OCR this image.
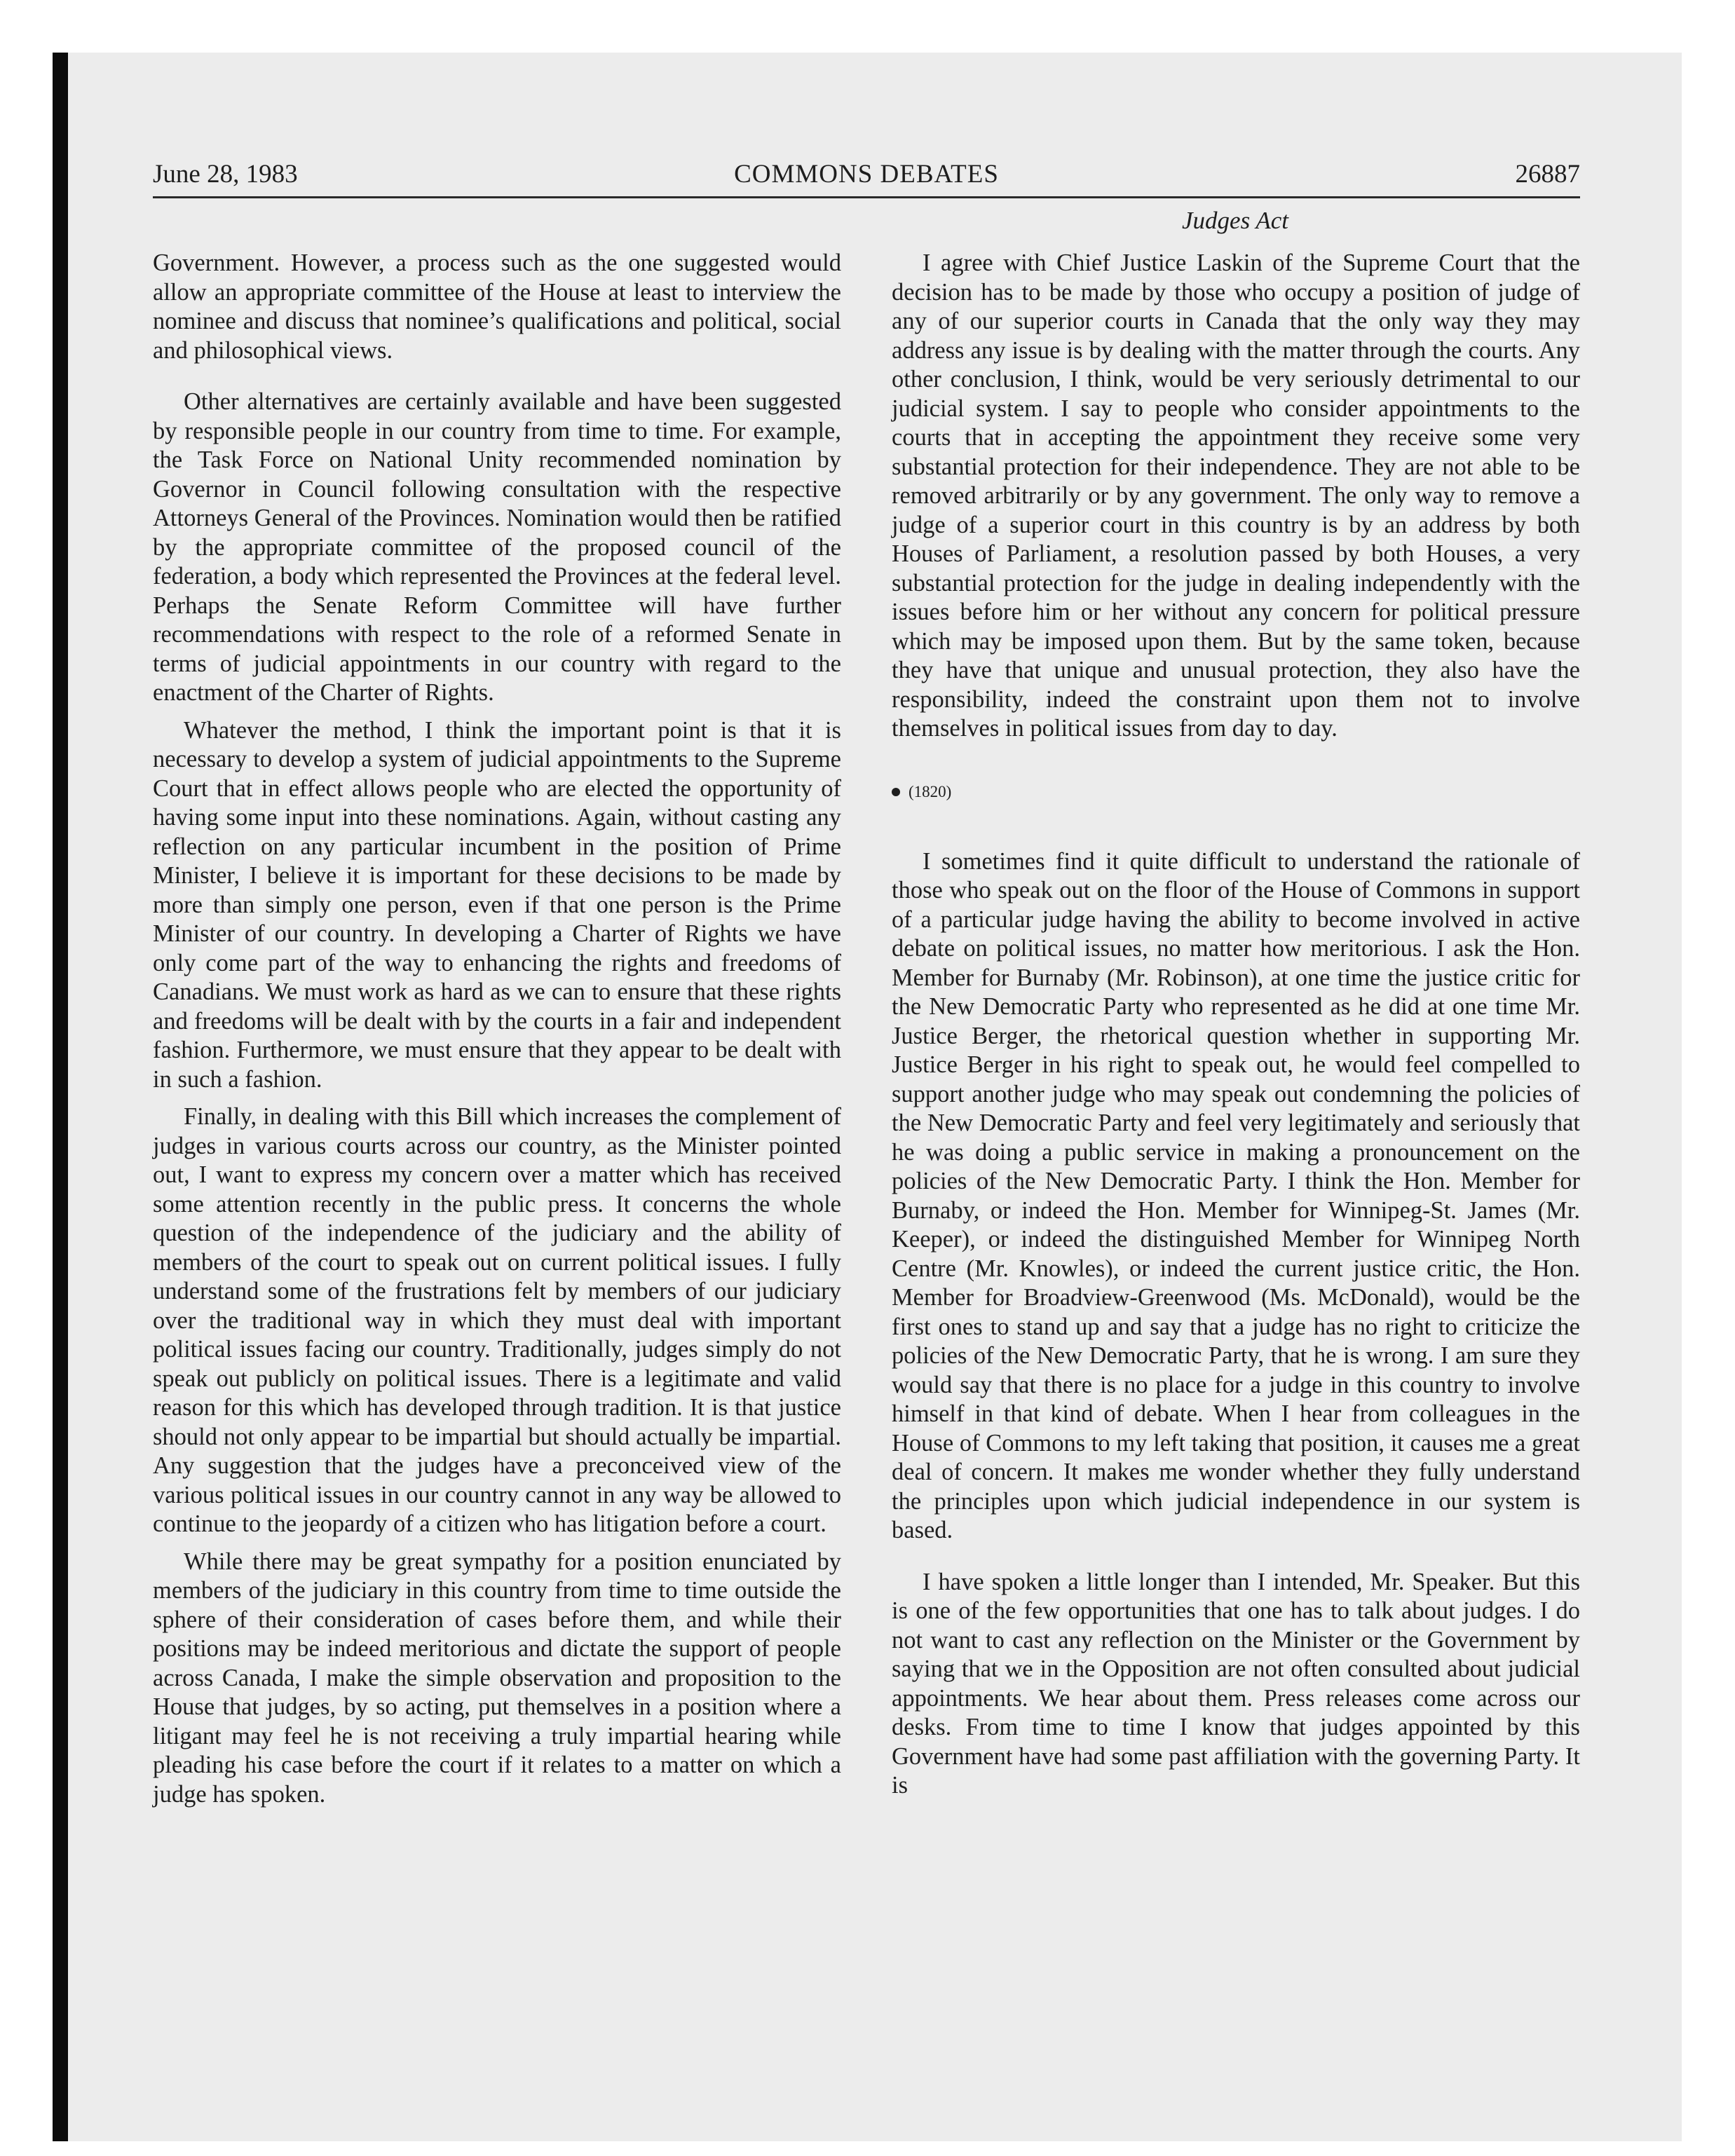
COMMONS DEBATES
June 28, 1983	26887
Judges Act

Government. However, a process such as the one suggested would allow an appropriate committee of the House at least to interview the nominee and discuss that nominee’s qualifications and political, social and philosophical views.

Other alternatives are certainly available and have been suggested by responsible people in our country from time to time. For example, the Task Force on National Unity recommended nomination by Governor in Council following consultation with the respective Attorneys General of the Provinces. Nomination would then be ratified by the appropriate committee of the proposed council of the federation, a body which represented the Provinces at the federal level. Perhaps the Senate Reform Committee will have further recommendations with respect to the role of a reformed Senate in terms of judicial appointments in our country with regard to the enactment of the Charter of Rights.

Whatever the method, I think the important point is that it is necessary to develop a system of judicial appointments to the Supreme Court that in effect allows people who are elected the opportunity of having some input into these nominations. Again, without casting any reflection on any particular incumbent in the position of Prime Minister, I believe it is important for these decisions to be made by more than simply one person, even if that one person is the Prime Minister of our country. In developing a Charter of Rights we have only come part of the way to enhancing the rights and freedoms of Canadians. We must work as hard as we can to ensure that these rights and freedoms will be dealt with by the courts in a fair and independent fashion. Furthermore, we must ensure that they appear to be dealt with in such a fashion.

Finally, in dealing with this Bill which increases the complement of judges in various courts across our country, as the Minister pointed out, I want to express my concern over a matter which has received some attention recently in the public press. It concerns the whole question of the independence of the judiciary and the ability of members of the court to speak out on current political issues. I fully understand some of the frustrations felt by members of our judiciary over the traditional way in which they must deal with important political issues facing our country. Traditionally, judges simply do not speak out publicly on political issues. There is a legitimate and valid reason for this which has developed through tradition. It is that justice should not only appear to be impartial but should actually be impartial. Any suggestion that the judges have a preconceived view of the various political issues in our country cannot in any way be allowed to continue to the jeopardy of a citizen who has litigation before a court.

While there may be great sympathy for a position enunciated by members of the judiciary in this country from time to time outside the sphere of their consideration of cases before them, and while their positions may be indeed meritorious and dictate the support of people across Canada, I make the simple observation and proposition to the House that judges, by so acting, put themselves in a position where a litigant may feel he is not receiving a truly impartial hearing while pleading his case before the court if it relates to a matter on which a judge has spoken.

I agree with Chief Justice Laskin of the Supreme Court that the decision has to be made by those who occupy a position of judge of any of our superior courts in Canada that the only way they may address any issue is by dealing with the matter through the courts. Any other conclusion, I think, would be very seriously detrimental to our judicial system. I say to people who consider appointments to the courts that in accepting the appointment they receive some very substantial protection for their independence. They are not able to be removed arbitrarily or by any government. The only way to remove a judge of a superior court in this country is by an address by both Houses of Parliament, a resolution passed by both Houses, a very substantial protection for the judge in dealing independently with the issues before him or her without any concern for political pressure which may be imposed upon them. But by the same token, because they have that unique and unusual protection, they also have the responsibility, indeed the constraint upon them not to involve themselves in political issues from day to day.

(1820)

I sometimes find it quite difficult to understand the rationale of those who speak out on the floor of the House of Commons in support of a particular judge having the ability to become involved in active debate on political issues, no matter how meritorious. I ask the Hon. Member for Burnaby (Mr. Robinson), at one time the justice critic for the New Democratic Party who represented as he did at one time Mr. Justice Berger, the rhetorical question whether in supporting Mr. Justice Berger in his right to speak out, he would feel compelled to support another judge who may speak out condemning the policies of the New Democratic Party and feel very legitimately and seriously that he was doing a public service in making a pronouncement on the policies of the New Democratic Party. I think the Hon. Member for Burnaby, or indeed the Hon. Member for Winnipeg-St. James (Mr. Keeper), or indeed the distinguished Member for Winnipeg North Centre (Mr. Knowles), or indeed the current justice critic, the Hon. Member for Broadview-Greenwood (Ms. McDonald), would be the first ones to stand up and say that a judge has no right to criticize the policies of the New Democratic Party, that he is wrong. I am sure they would say that there is no place for a judge in this country to involve himself in that kind of debate. When I hear from colleagues in the House of Commons to my left taking that position, it causes me a great deal of concern. It makes me wonder whether they fully understand the principles upon which judicial independence in our system is based.

I have spoken a little longer than I intended, Mr. Speaker. But this is one of the few opportunities that one has to talk about judges. I do not want to cast any reflection on the Minister or the Government by saying that we in the Opposition are not often consulted about judicial appointments. We hear about them. Press releases come across our desks. From time to time I know that judges appointed by this Government have had some past affiliation with the governing Party. It is
